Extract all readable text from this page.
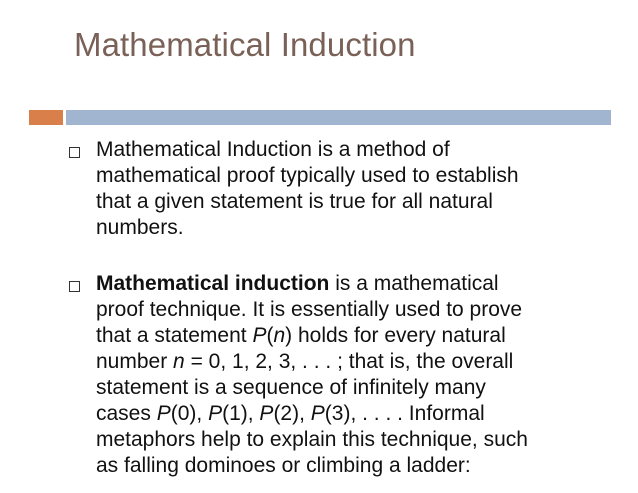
Mathematical Induction
Mathematical Induction is a method of
mathematical proof typically used to establish
that a given statement is true for all natural
numbers.
Mathematical induction is a mathematical
proof technique. It is essentially used to prove
that a statement P(n) holds for every natural
number n = 0, 1, 2, 3, . . . ; that is, the overall
statement is a sequence of infinitely many
cases P(0), P(1), P(2), P(3), . . . . Informal
metaphors help to explain this technique, such
as falling dominoes or climbing a ladder:
